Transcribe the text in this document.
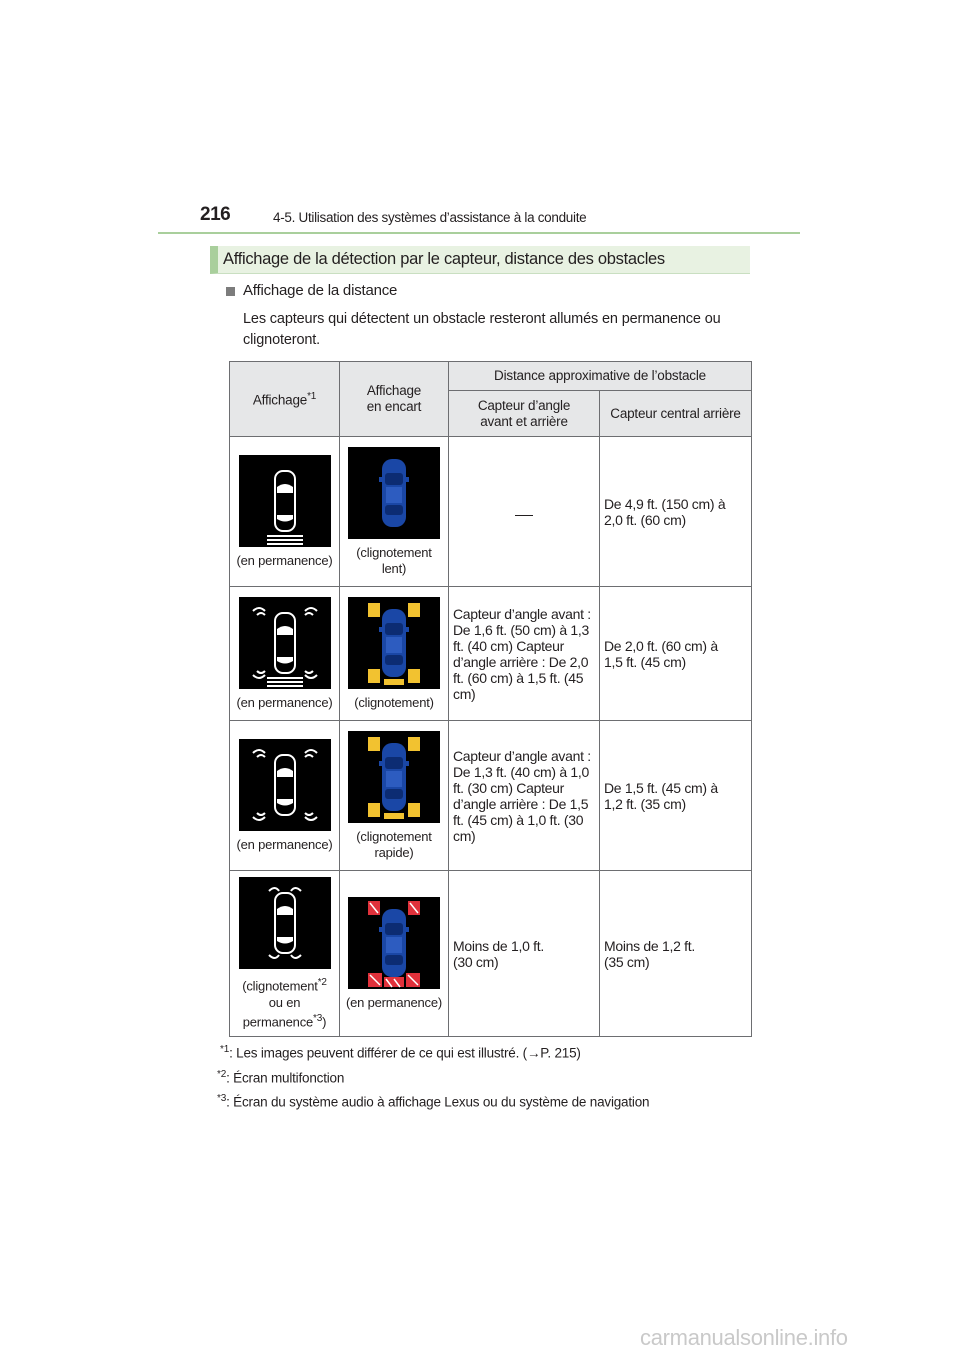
216	4-5. Utilisation des systèmes d’assistance à la conduite
Affichage de la détection par le capteur, distance des obstacles
Affichage de la distance
Les capteurs qui détectent un obstacle resteront allumés en permanence ou clignoteront.
Affichage$^{*1}$	Affichage en encart	Distance approximative de l’obstacle	

		Capteur d’angle avant et arrière	Capteur central arrière

(en permanence)	(clignotement lent)		De 4,9 ft. (150 cm) à 2,0 ft. (60 cm)

(en permanence)	(clignotement)	Capteur d’angle avant : De 1,6 ft. (50 cm) à 1,3 ft. (40 cm) Capteur d’angle arrière : De 2,0 ft. (60 cm) à 1,5 ft. (45 cm)	De 2,0 ft. (60 cm) à 1,5 ft. (45 cm)

(en permanence)	(clignotement rapide)	Capteur d’angle avant : De 1,3 ft. (40 cm) à 1,0 ft. (30 cm) Capteur d’angle arrière : De 1,5 ft. (45 cm) à 1,0 ft. (30 cm)	De 1,5 ft. (45 cm) à 1,2 ft. (35 cm)

(clignotement$^{*2}$
ou en permanence$^{*3}$)	(en permanence)	Moins de 1,0 ft. (30 cm)	Moins de 1,2 ft. (35 cm)
$^{*1}$: Les images peuvent différer de ce qui est illustré. (→P. 215)
$^{*2}$: Écran multifonction
$^{*3}$: Écran du système audio à affichage Lexus ou du système de navigation
carmanualsonline.info
